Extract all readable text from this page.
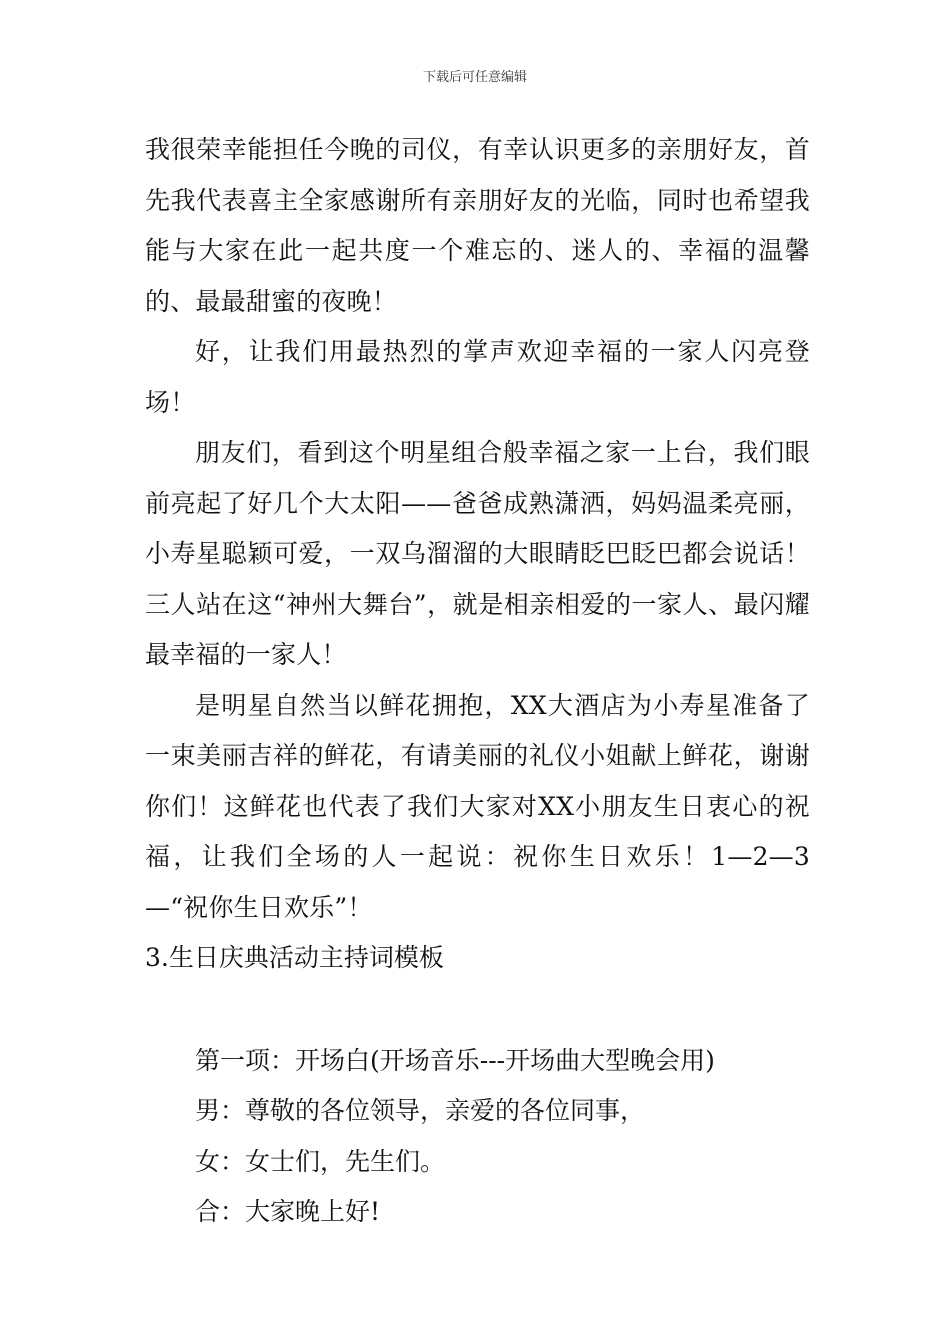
下载后可任意编辑

我很荣幸能担任今晚的司仪，有幸认识更多的亲朋好友，首先我代表喜主全家感谢所有亲朋好友的光临，同时也希望我能与大家在此一起共度一个难忘的、迷人的、幸福的温馨的、最最甜蜜的夜晚！

好，让我们用最热烈的掌声欢迎幸福的一家人闪亮登场！

朋友们，看到这个明星组合般幸福之家一上台，我们眼前亮起了好几个大太阳——爸爸成熟潇洒，妈妈温柔亮丽，小寿星聪颖可爱，一双乌溜溜的大眼睛眨巴眨巴都会说话！三人站在这“神州大舞台”，就是相亲相爱的一家人、最闪耀最幸福的一家人！

是明星自然当以鲜花拥抱，XX大酒店为小寿星准备了一束美丽吉祥的鲜花，有请美丽的礼仪小姐献上鲜花，谢谢你们！这鲜花也代表了我们大家对XX小朋友生日衷心的祝福，让我们全场的人一起说：祝你生日欢乐！1—2—3—“祝你生日欢乐”！

3.生日庆典活动主持词模板

第一项：开场白(开场音乐---开场曲大型晚会用)

男：尊敬的各位领导，亲爱的各位同事，

女：女士们，先生们。

合：大家晚上好!
